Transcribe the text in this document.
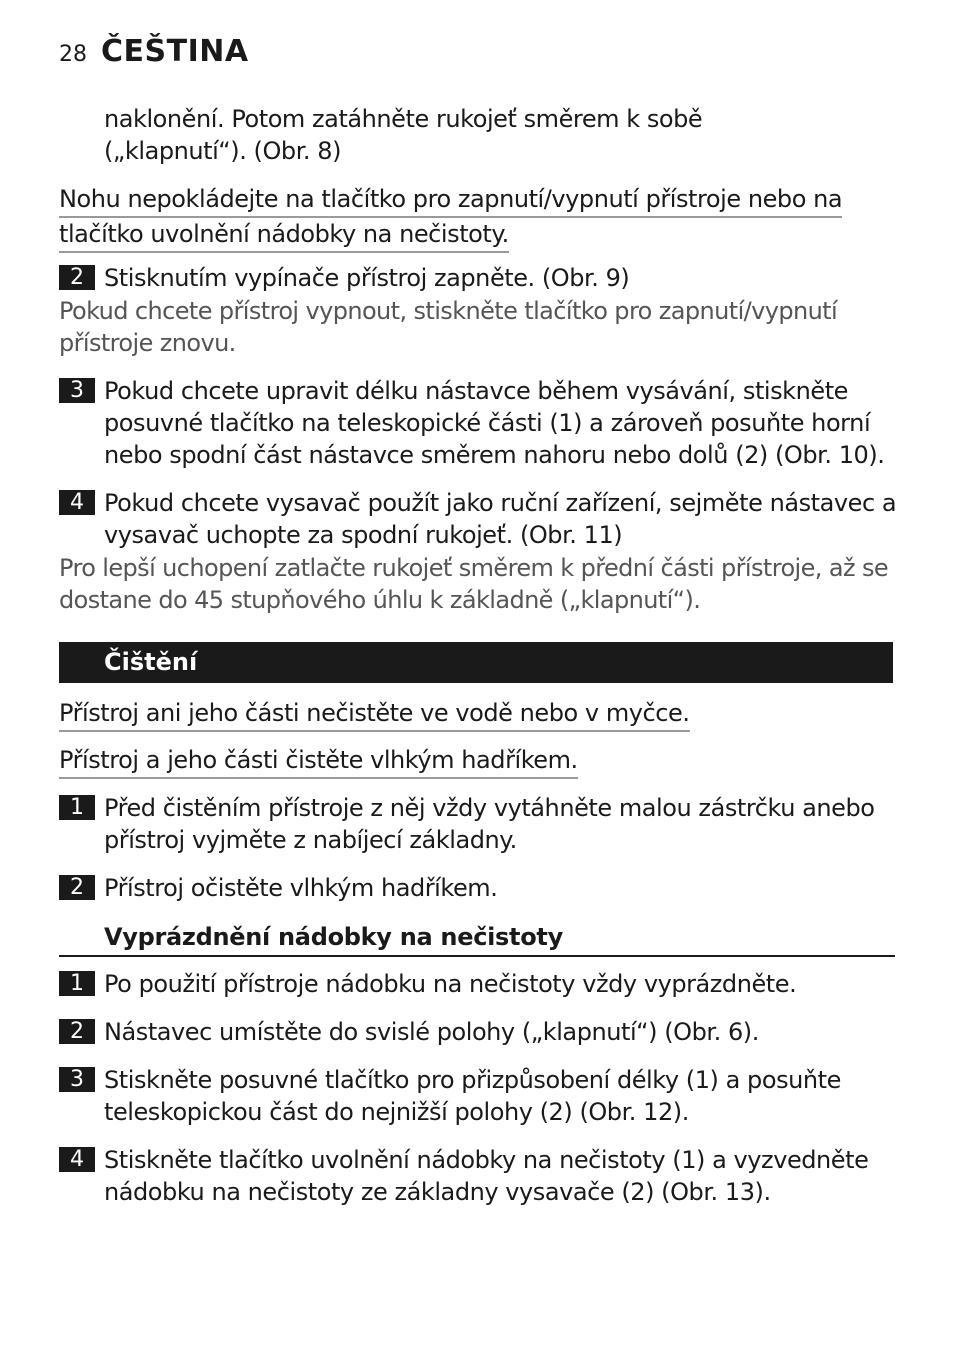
28 ČEŠTINA
naklonění. Potom zatáhněte rukojeť směrem k sobě
(„klapnutí“). (Obr. 8)
Nohu nepokládejte na tlačítko pro zapnutí/vypnutí přístroje nebo na
tlačítko uvolnění nádobky na nečistoty.
2 Stisknutím vypínače přístroj zapněte. (Obr. 9)
Pokud chcete přístroj vypnout, stiskněte tlačítko pro zapnutí/vypnutí
přístroje znovu.
3 Pokud chcete upravit délku nástavce během vysávání, stiskněte
posuvné tlačítko na teleskopické části (1) a zároveň posuňte horní
nebo spodní část nástavce směrem nahoru nebo dolů (2) (Obr. 10).
4 Pokud chcete vysavač použít jako ruční zařízení, sejměte nástavec a
vysavač uchopte za spodní rukojeť. (Obr. 11)
Pro lepší uchopení zatlačte rukojeť směrem k přední části přístroje, až se
dostane do 45 stupňového úhlu k základně („klapnutí“).
Čištění
Přístroj ani jeho části nečistěte ve vodě nebo v myčce.
Přístroj a jeho části čistěte vlhkým hadříkem.
1 Před čistěním přístroje z něj vždy vytáhněte malou zástrčku anebo
přístroj vyjměte z nabíjecí základny.
2 Přístroj očistěte vlhkým hadříkem.
Vyprázdnění nádobky na nečistoty
1 Po použití přístroje nádobku na nečistoty vždy vyprázdněte.
2 Nástavec umístěte do svislé polohy („klapnutí“) (Obr. 6).
3 Stiskněte posuvné tlačítko pro přizpůsobení délky (1) a posuňte
teleskopickou část do nejnižší polohy (2) (Obr. 12).
4 Stiskněte tlačítko uvolnění nádobky na nečistoty (1) a vyzvedněte
nádobku na nečistoty ze základny vysavače (2) (Obr. 13).
